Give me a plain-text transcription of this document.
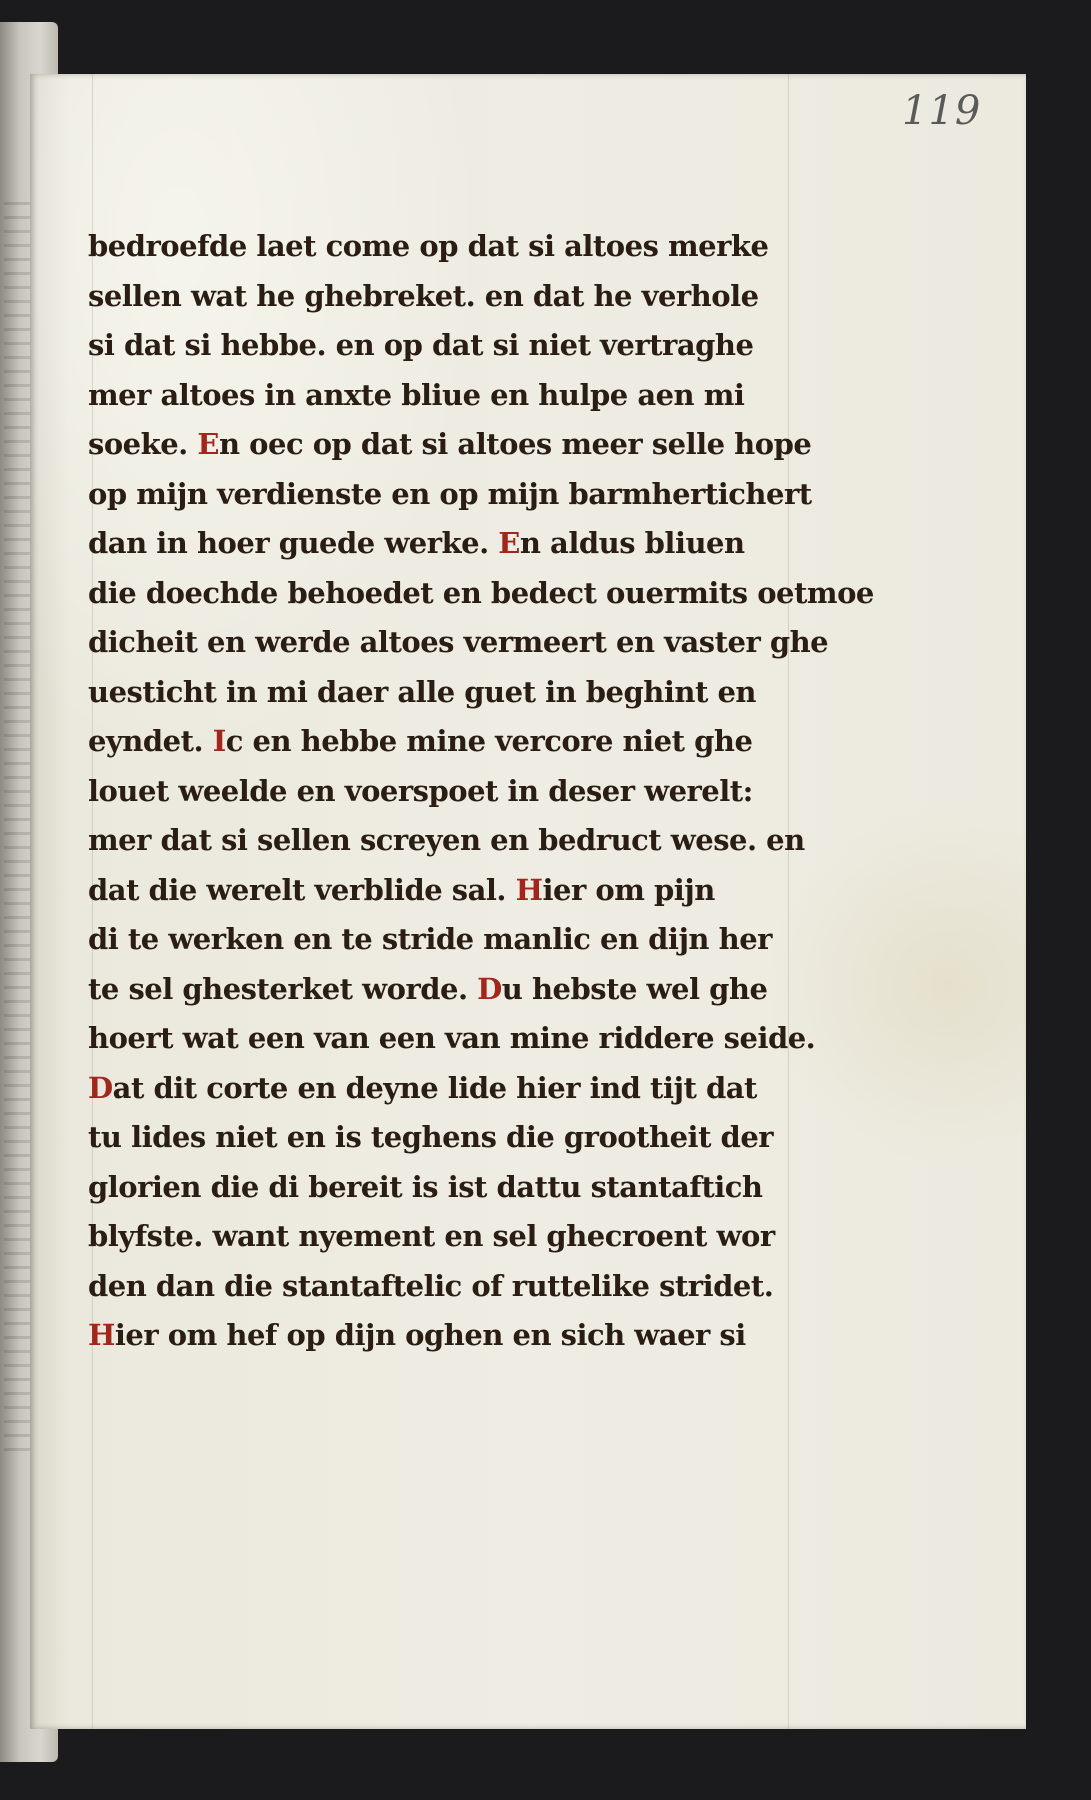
119
bedroefde laet come op dat si altoes merke
sellen wat he ghebreket. en dat he verhole
si dat si hebbe. en op dat si niet vertraghe
mer altoes in anxte bliue en hulpe aen mi
soeke. En oec op dat si altoes meer selle hope
op mijn verdienste en op mijn barmhertichert
dan in hoer guede werke. En aldus bliuen
die doechde behoedet en bedect ouermits oetmoe
dicheit en werde altoes vermeert en vaster ghe
uesticht in mi daer alle guet in beghint en
eyndet. Ic en hebbe mine vercore niet ghe
louet weelde en voerspoet in deser werelt:
mer dat si sellen screyen en bedruct wese. en
dat die werelt verblide sal. Hier om pijn
di te werken en te stride manlic en dijn her
te sel ghesterket worde. Du hebste wel ghe
hoert wat een van een van mine riddere seide.
Dat dit corte en deyne lide hier ind tijt dat
tu lides niet en is teghens die grootheit der
glorien die di bereit is ist dattu stantaftich
blyfste. want nyement en sel ghecroent wor
den dan die stantaftelic of ruttelike stridet.
Hier om hef op dijn oghen en sich waer si
